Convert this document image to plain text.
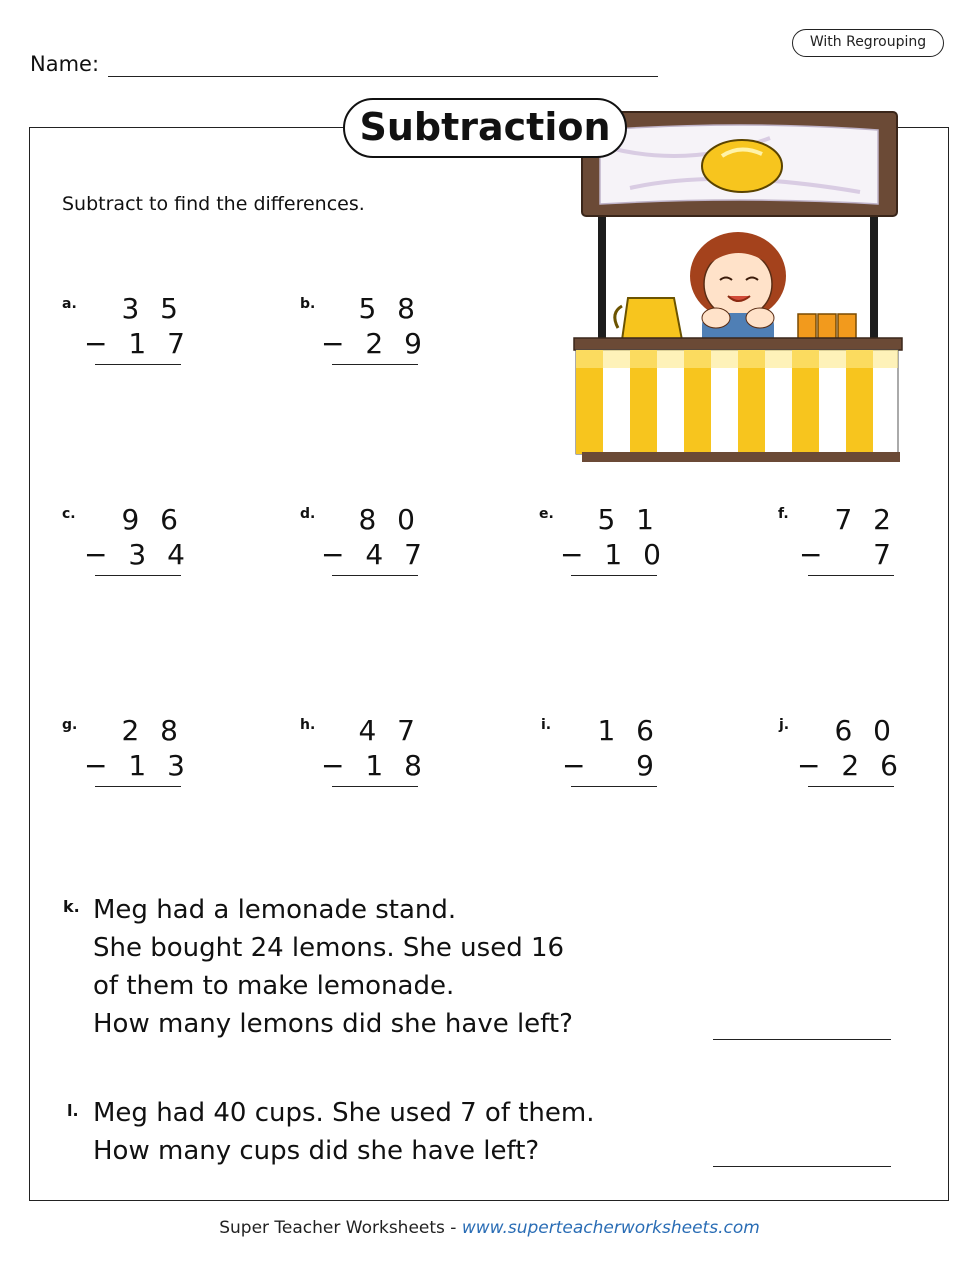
With Regrouping
Name:
Subtraction
Subtract to find the differences.
a.	3 5
− 1 7
b.	5 8
− 2 9
c.	9 6
− 3 4
d.	8 0
− 4 7
e.	5 1
− 1 0
f.	7 2
−   7
g.	2 8
− 1 3
h.	4 7
− 1 8
i.	1 6
−   9
j.	6 0
− 2 6
k. Meg had a lemonade stand.
She bought 24 lemons. She used 16
of them to make lemonade.
How many lemons did she have left?
l. Meg had 40 cups. She used 7 of them.
How many cups did she have left?
Super Teacher Worksheets - www.superteacherworksheets.com
